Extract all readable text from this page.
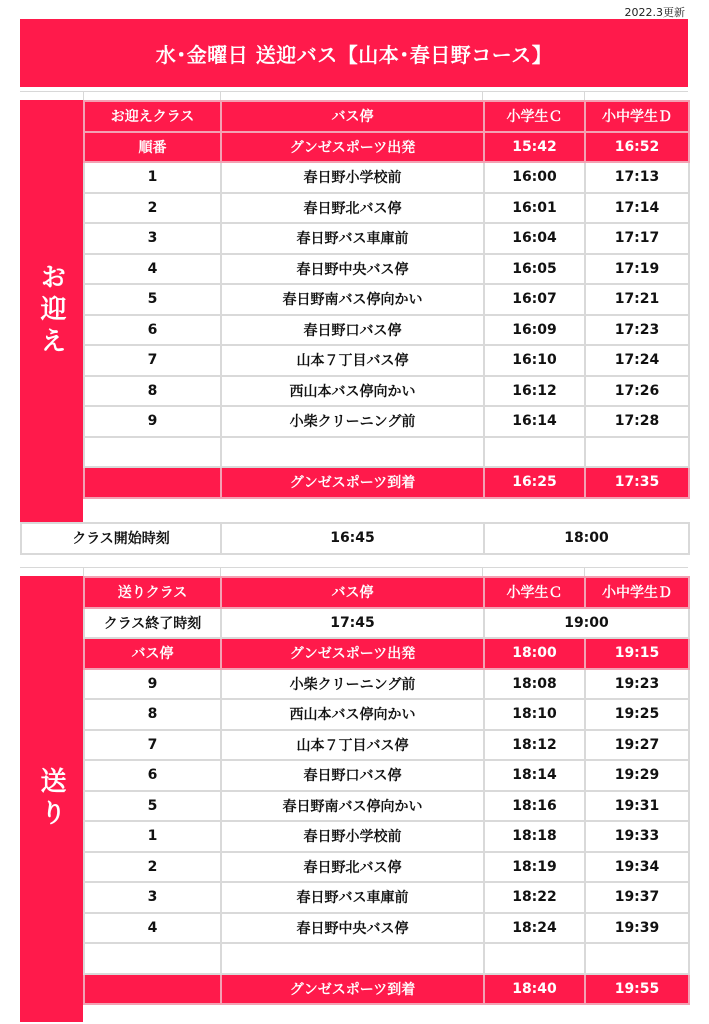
2022.3更新
水･金曜日 送迎バス【山本･春日野コース】
お迎え
お迎えクラス	バス停	小学生Ｃ	小中学生Ｄ
順番	グンゼスポーツ出発	15:42	16:52
1	春日野小学校前	16:00	17:13
2	春日野北バス停	16:01	17:14
3	春日野バス車庫前	16:04	17:17
4	春日野中央バス停	16:05	17:19
5	春日野南バス停向かい	16:07	17:21
6	春日野口バス停	16:09	17:23
7	山本７丁目バス停	16:10	17:24
8	西山本バス停向かい	16:12	17:26
9	小柴クリーニング前	16:14	17:28

	グンゼスポーツ到着	16:25	17:35
クラス開始時刻	16:45	18:00
送り
送りクラス	バス停	小学生Ｃ	小中学生Ｄ
クラス終了時刻	17:45	19:00	
バス停	グンゼスポーツ出発	18:00	19:15
9	小柴クリーニング前	18:08	19:23
8	西山本バス停向かい	18:10	19:25
7	山本７丁目バス停	18:12	19:27
6	春日野口バス停	18:14	19:29
5	春日野南バス停向かい	18:16	19:31
1	春日野小学校前	18:18	19:33
2	春日野北バス停	18:19	19:34
3	春日野バス車庫前	18:22	19:37
4	春日野中央バス停	18:24	19:39

	グンゼスポーツ到着	18:40	19:55
